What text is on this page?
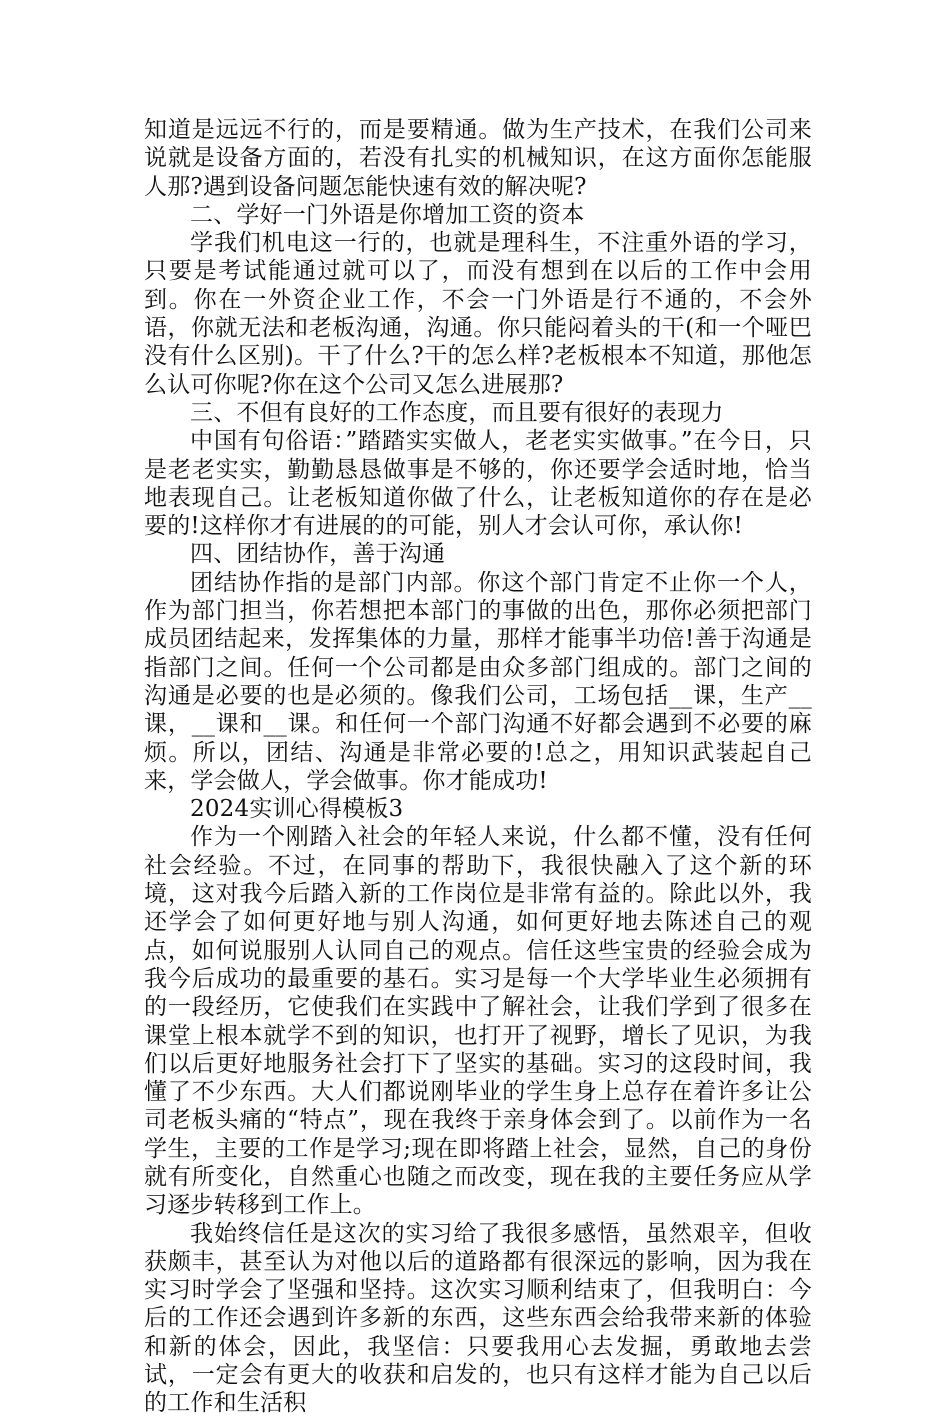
知道是远远不行的，而是要精通。做为生产技术，在我们公司来说就是设备方面的，若没有扎实的机械知识，在这方面你怎能服人那?遇到设备问题怎能快速有效的解决呢?

二、学好一门外语是你增加工资的资本

学我们机电这一行的，也就是理科生，不注重外语的学习，只要是考试能通过就可以了，而没有想到在以后的工作中会用到。你在一外资企业工作，不会一门外语是行不通的，不会外语，你就无法和老板沟通，沟通。你只能闷着头的干(和一个哑巴没有什么区别)。干了什么?干的怎么样?老板根本不知道，那他怎么认可你呢?你在这个公司又怎么进展那?

三、不但有良好的工作态度，而且要有很好的表现力

中国有句俗语：”踏踏实实做人，老老实实做事。”在今日，只是老老实实，勤勤恳恳做事是不够的，你还要学会适时地，恰当地表现自己。让老板知道你做了什么，让老板知道你的存在是必要的!这样你才有进展的的可能，别人才会认可你，承认你!

四、团结协作，善于沟通

团结协作指的是部门内部。你这个部门肯定不止你一个人，作为部门担当，你若想把本部门的事做的出色，那你必须把部门成员团结起来，发挥集体的力量，那样才能事半功倍!善于沟通是指部门之间。任何一个公司都是由众多部门组成的。部门之间的沟通是必要的也是必须的。像我们公司，工场包括__课，生产__课，__课和__课。和任何一个部门沟通不好都会遇到不必要的麻烦。所以，团结、沟通是非常必要的!总之，用知识武装起自己来，学会做人，学会做事。你才能成功!

2024实训心得模板3

作为一个刚踏入社会的年轻人来说，什么都不懂，没有任何社会经验。不过，在同事的帮助下，我很快融入了这个新的环境，这对我今后踏入新的工作岗位是非常有益的。除此以外，我还学会了如何更好地与别人沟通，如何更好地去陈述自己的观点，如何说服别人认同自己的观点。信任这些宝贵的经验会成为我今后成功的最重要的基石。实习是每一个大学毕业生必须拥有的一段经历，它使我们在实践中了解社会，让我们学到了很多在课堂上根本就学不到的知识，也打开了视野，增长了见识，为我们以后更好地服务社会打下了坚实的基础。实习的这段时间，我懂了不少东西。大人们都说刚毕业的学生身上总存在着许多让公司老板头痛的“特点”，现在我终于亲身体会到了。以前作为一名学生，主要的工作是学习;现在即将踏上社会，显然，自己的身份就有所变化，自然重心也随之而改变，现在我的主要任务应从学习逐步转移到工作上。

我始终信任是这次的实习给了我很多感悟，虽然艰辛，但收获颇丰，甚至认为对他以后的道路都有很深远的影响，因为我在实习时学会了坚强和坚持。这次实习顺利结束了，但我明白：今后的工作还会遇到许多新的东西，这些东西会给我带来新的体验和新的体会，因此，我坚信：只要我用心去发掘，勇敢地去尝试，一定会有更大的收获和启发的，也只有这样才能为自己以后的工作和生活积
